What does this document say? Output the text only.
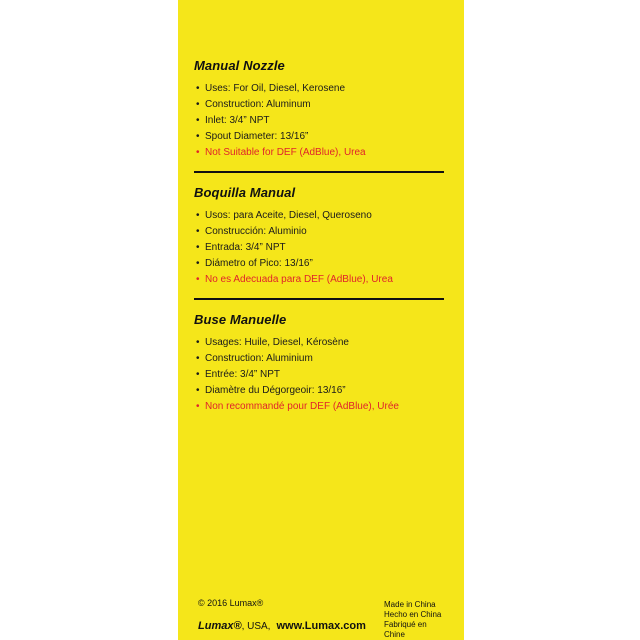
Manual Nozzle
• Uses: For Oil, Diesel, Kerosene
• Construction: Aluminum
• Inlet: 3/4” NPT
• Spout Diameter: 13/16”
• Not Suitable for DEF (AdBlue), Urea
Boquilla Manual
• Usos: para Aceite, Diesel, Queroseno
• Construcción: Aluminio
• Entrada: 3/4” NPT
• Diámetro of Pico: 13/16”
• No es Adecuada para DEF (AdBlue), Urea
Buse Manuelle
• Usages: Huile, Diesel, Kérosène
• Construction: Aluminium
• Entrée: 3/4” NPT
• Diamètre du Dégorgeoir: 13/16”
• Non recommandé pour DEF (AdBlue), Urée
© 2016 Lumax®
Lumax®, USA, www.Lumax.com
Made in China
Hecho en China
Fabriqué en Chine
